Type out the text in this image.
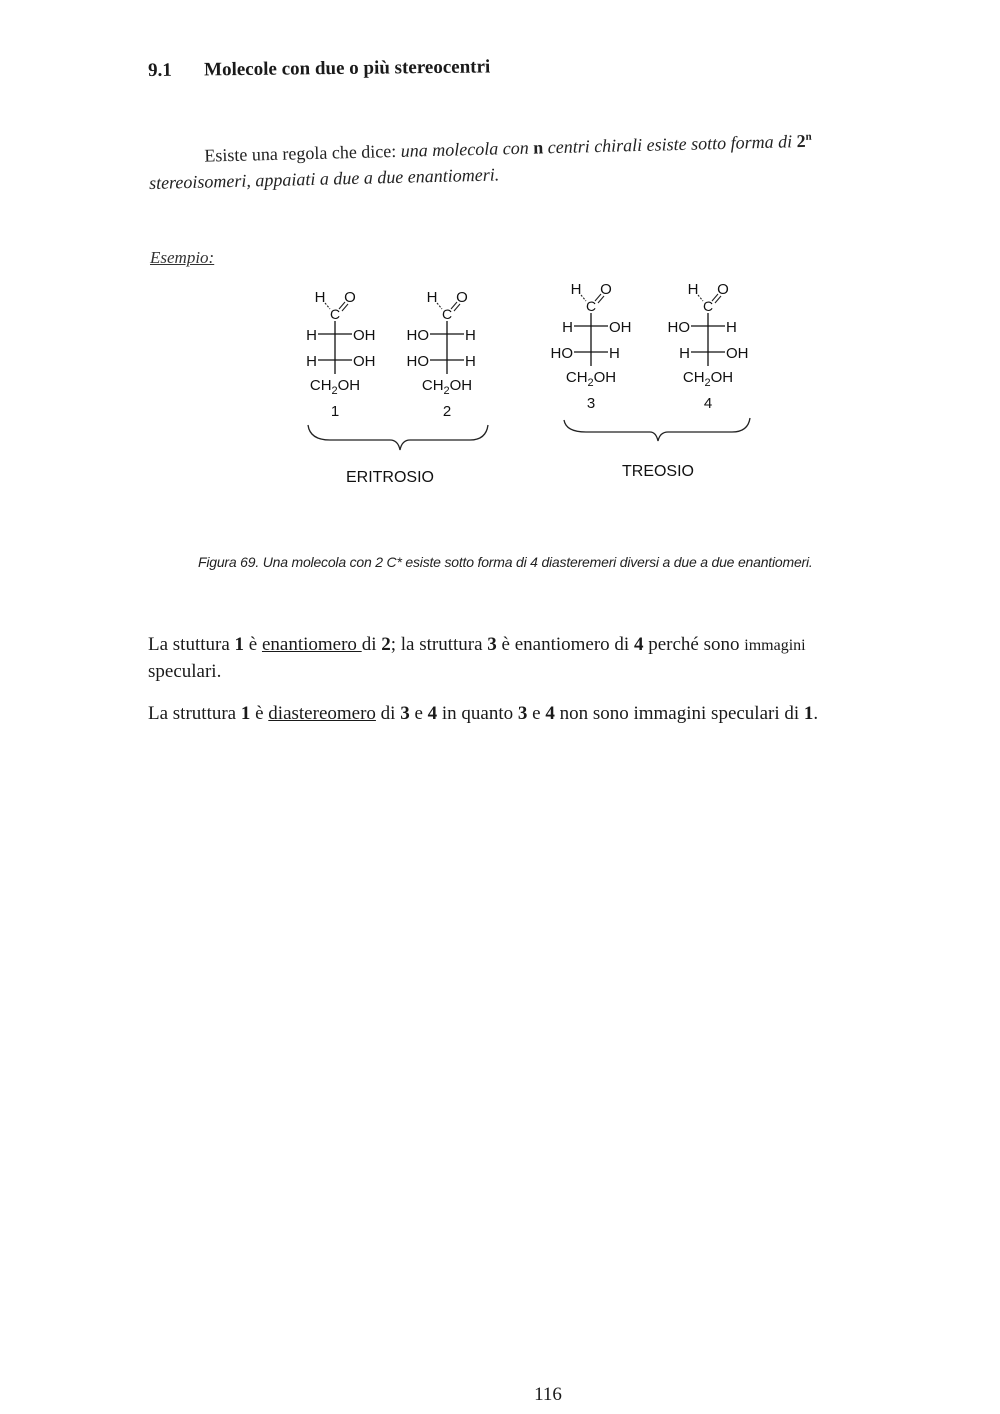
9.1 Molecole con due o più stereocentri
Esiste una regola che dice: una molecola con n centri chirali esiste sotto forma di 2$^n$
stereoisomeri, appaiati a due a due enantiomeri.
Esempio:
H O
C
H OH
H OH
$CH_2OH$
1
H O
C
HO H
HO H
$CH_2OH$
2
H O
C
H OH
HO H
$CH_2OH$
3
H O
C
HO H
H OH
$CH_2OH$
4
ERITROSIO	TREOSIO
Figura 69. Una molecola con 2 C* esiste sotto forma di 4 diasteremeri diversi a due a due enantiomeri.
La stuttura 1 è enantiomero di 2; la struttura 3 è enantiomero di 4 perché sono immagini
speculari.
La struttura 1 è diastereomero di 3 e 4 in quanto 3 e 4 non sono immagini speculari di 1.
116
